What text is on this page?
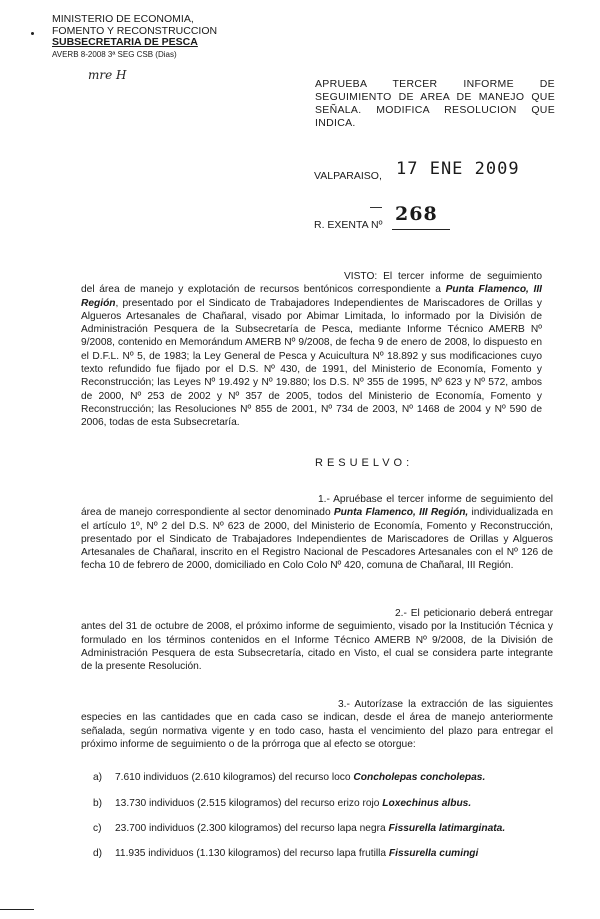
MINISTERIO DE ECONOMIA,
FOMENTO Y RECONSTRUCCION
SUBSECRETARIA DE PESCA
AVERB 8-2008 3ª SEG CSB (Dias)
mre H
APRUEBA TERCER INFORME DE
SEGUIMIENTO DE AREA DE MANEJO QUE
SEÑALA. MODIFICA RESOLUCION QUE
INDICA.
VALPARAISO, 17 ENE 2009
R. EXENTA Nº 268
VISTO: El tercer informe de seguimiento del área de manejo y explotación de recursos bentónicos correspondiente a Punta Flamenco, III Región, presentado por el Sindicato de Trabajadores Independientes de Mariscadores de Orillas y Algueros Artesanales de Chañaral, visado por Abimar Limitada, lo informado por la División de Administración Pesquera de la Subsecretaría de Pesca, mediante Informe Técnico AMERB Nº 9/2008, contenido en Memorándum AMERB Nº 9/2008, de fecha 9 de enero de 2008, lo dispuesto en el D.F.L. Nº 5, de 1983; la Ley General de Pesca y Acuicultura Nº 18.892 y sus modificaciones cuyo texto refundido fue fijado por el D.S. Nº 430, de 1991, del Ministerio de Economía, Fomento y Reconstrucción; las Leyes Nº 19.492 y Nº 19.880; los D.S. Nº 355 de 1995, Nº 623 y Nº 572, ambos de 2000, Nº 253 de 2002 y Nº 357 de 2005, todos del Ministerio de Economía, Fomento y Reconstrucción; las Resoluciones Nº 855 de 2001, Nº 734 de 2003, Nº 1468 de 2004 y Nº 590 de 2006, todas de esta Subsecretaría.
RESUELVO:
1.- Apruébase el tercer informe de seguimiento del área de manejo correspondiente al sector denominado Punta Flamenco, III Región, individualizada en el artículo 1º, Nº 2 del D.S. Nº 623 de 2000, del Ministerio de Economía, Fomento y Reconstrucción, presentado por el Sindicato de Trabajadores Independientes de Mariscadores de Orillas y Algueros Artesanales de Chañaral, inscrito en el Registro Nacional de Pescadores Artesanales con el Nº 126 de fecha 10 de febrero de 2000, domiciliado en Colo Colo Nº 420, comuna de Chañaral, III Región.
2.- El peticionario deberá entregar antes del 31 de octubre de 2008, el próximo informe de seguimiento, visado por la Institución Técnica y formulado en los términos contenidos en el Informe Técnico AMERB Nº 9/2008, de la División de Administración Pesquera de esta Subsecretaría, citado en Visto, el cual se considera parte integrante de la presente Resolución.
3.- Autorízase la extracción de las siguientes especies en las cantidades que en cada caso se indican, desde el área de manejo anteriormente señalada, según normativa vigente y en todo caso, hasta el vencimiento del plazo para entregar el próximo informe de seguimiento o de la prórroga que al efecto se otorgue:
a) 7.610 individuos (2.610 kilogramos) del recurso loco Concholepas concholepas.
b) 13.730 individuos (2.515 kilogramos) del recurso erizo rojo Loxechinus albus.
c) 23.700 individuos (2.300 kilogramos) del recurso lapa negra Fissurella latimarginata.
d) 11.935 individuos (1.130 kilogramos) del recurso lapa frutilla Fissurella cumingi
